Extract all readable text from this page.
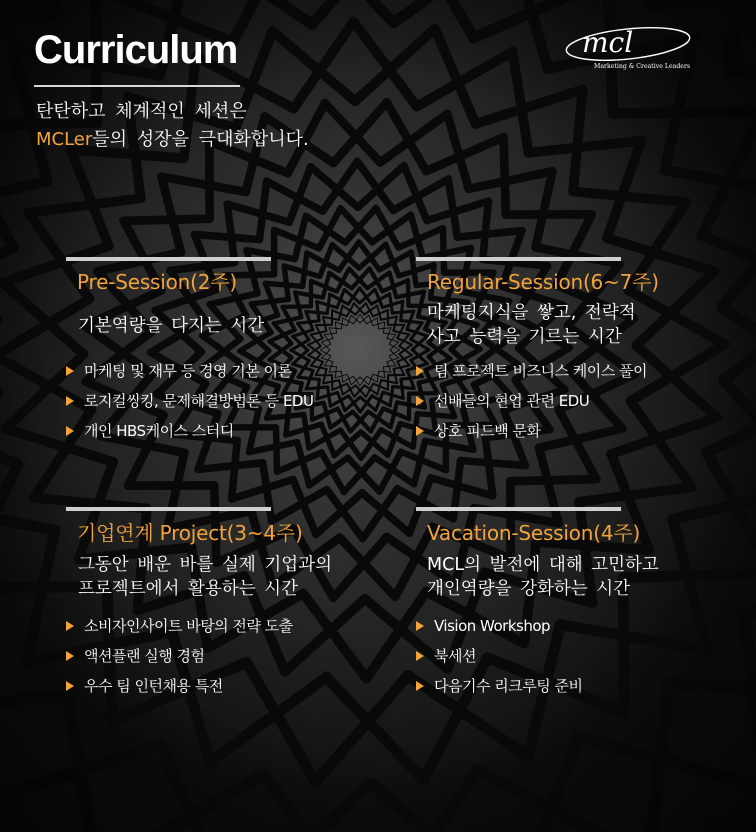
Curriculum
탄탄하고 체계적인 세션은
MCLer들의 성장을 극대화합니다.
mcl
Marketing & Creative Leaders
Pre-Session(2주)
기본역량을 다지는 시간
마케팅 및 재무 등 경영 기본 이론
로지컬씽킹, 문제해결방법론 등 EDU
개인 HBS케이스 스터디
Regular-Session(6~7주)
마케팅지식을 쌓고, 전략적
사고 능력을 기르는 시간
팀 프로젝트 비즈니스 케이스 풀이
선배들의 현업 관련 EDU
상호 피드백 문화
기업연계 Project(3~4주)
그동안 배운 바를 실제 기업과의
프로젝트에서 활용하는 시간
소비자인사이트 바탕의 전략 도출
액션플랜 실행 경험
우수 팀 인턴채용 특전
Vacation-Session(4주)
MCL의 발전에 대해 고민하고
개인역량을 강화하는 시간
Vision Workshop
북세션
다음기수 리크루팅 준비
